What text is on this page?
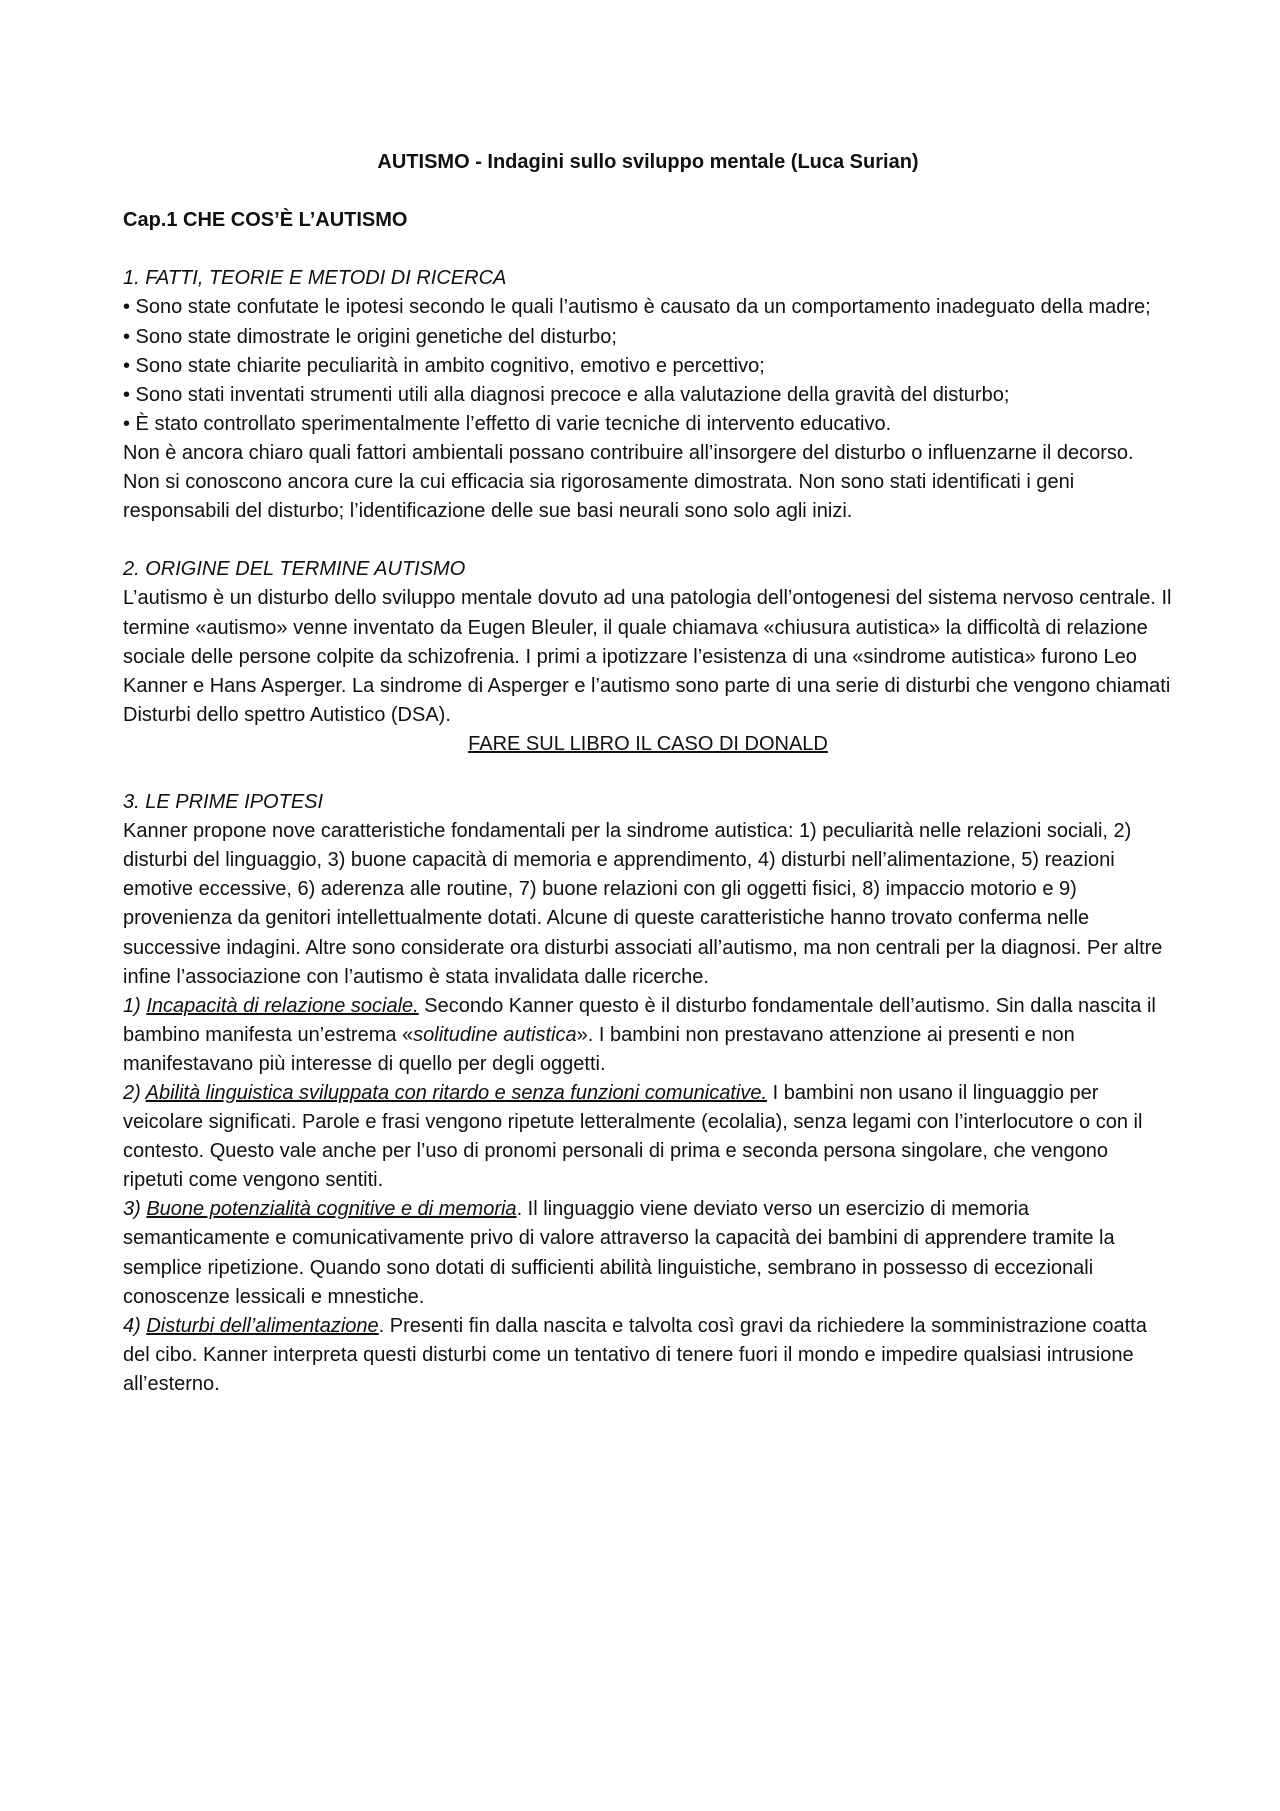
AUTISMO - Indagini sullo sviluppo mentale (Luca Surian)

Cap.1 CHE COS’È L’AUTISMO

1. FATTI, TEORIE E METODI DI RICERCA

• Sono state confutate le ipotesi secondo le quali l’autismo è causato da un comportamento inadeguato della madre;

• Sono state dimostrate le origini genetiche del disturbo;

• Sono state chiarite peculiarità in ambito cognitivo, emotivo e percettivo;

• Sono stati inventati strumenti utili alla diagnosi precoce e alla valutazione della gravità del disturbo;

• È stato controllato sperimentalmente l’effetto di varie tecniche di intervento educativo.

Non è ancora chiaro quali fattori ambientali possano contribuire all’insorgere del disturbo o influenzarne il decorso. Non si conoscono ancora cure la cui efficacia sia rigorosamente dimostrata. Non sono stati identificati i geni responsabili del disturbo; l’identificazione delle sue basi neurali sono solo agli inizi.

2. ORIGINE DEL TERMINE AUTISMO

L’autismo è un disturbo dello sviluppo mentale dovuto ad una patologia dell’ontogenesi del sistema nervoso centrale. Il termine «autismo» venne inventato da Eugen Bleuler, il quale chiamava «chiusura autistica» la difficoltà di relazione sociale delle persone colpite da schizofrenia. I primi a ipotizzare l’esistenza di una «sindrome autistica» furono Leo Kanner e Hans Asperger. La sindrome di Asperger e l’autismo sono parte di una serie di disturbi che vengono chiamati Disturbi dello spettro Autistico (DSA).

FARE SUL LIBRO IL CASO DI DONALD

3. LE PRIME IPOTESI

Kanner propone nove caratteristiche fondamentali per la sindrome autistica: 1) peculiarità nelle relazioni sociali, 2) disturbi del linguaggio, 3) buone capacità di memoria e apprendimento, 4) disturbi nell’alimentazione, 5) reazioni emotive eccessive, 6) aderenza alle routine, 7) buone relazioni con gli oggetti fisici, 8) impaccio motorio e 9) provenienza da genitori intellettualmente dotati. Alcune di queste caratteristiche hanno trovato conferma nelle successive indagini. Altre sono considerate ora disturbi associati all’autismo, ma non centrali per la diagnosi. Per altre infine l’associazione con l’autismo è stata invalidata dalle ricerche.

1) Incapacità di relazione sociale. Secondo Kanner questo è il disturbo fondamentale dell’autismo. Sin dalla nascita il bambino manifesta un’estrema «solitudine autistica». I bambini non prestavano attenzione ai presenti e non manifestavano più interesse di quello per degli oggetti.

2) Abilità linguistica sviluppata con ritardo e senza funzioni comunicative. I bambini non usano il linguaggio per veicolare significati. Parole e frasi vengono ripetute letteralmente (ecolalia), senza legami con l’interlocutore o con il contesto. Questo vale anche per l’uso di pronomi personali di prima e seconda persona singolare, che vengono ripetuti come vengono sentiti.

3) Buone potenzialità cognitive e di memoria. Il linguaggio viene deviato verso un esercizio di memoria semanticamente e comunicativamente privo di valore attraverso la capacità dei bambini di apprendere tramite la semplice ripetizione. Quando sono dotati di sufficienti abilità linguistiche, sembrano in possesso di eccezionali conoscenze lessicali e mnestiche.

4) Disturbi dell’alimentazione. Presenti fin dalla nascita e talvolta così gravi da richiedere la somministrazione coatta del cibo. Kanner interpreta questi disturbi come un tentativo di tenere fuori il mondo e impedire qualsiasi intrusione all’esterno.
